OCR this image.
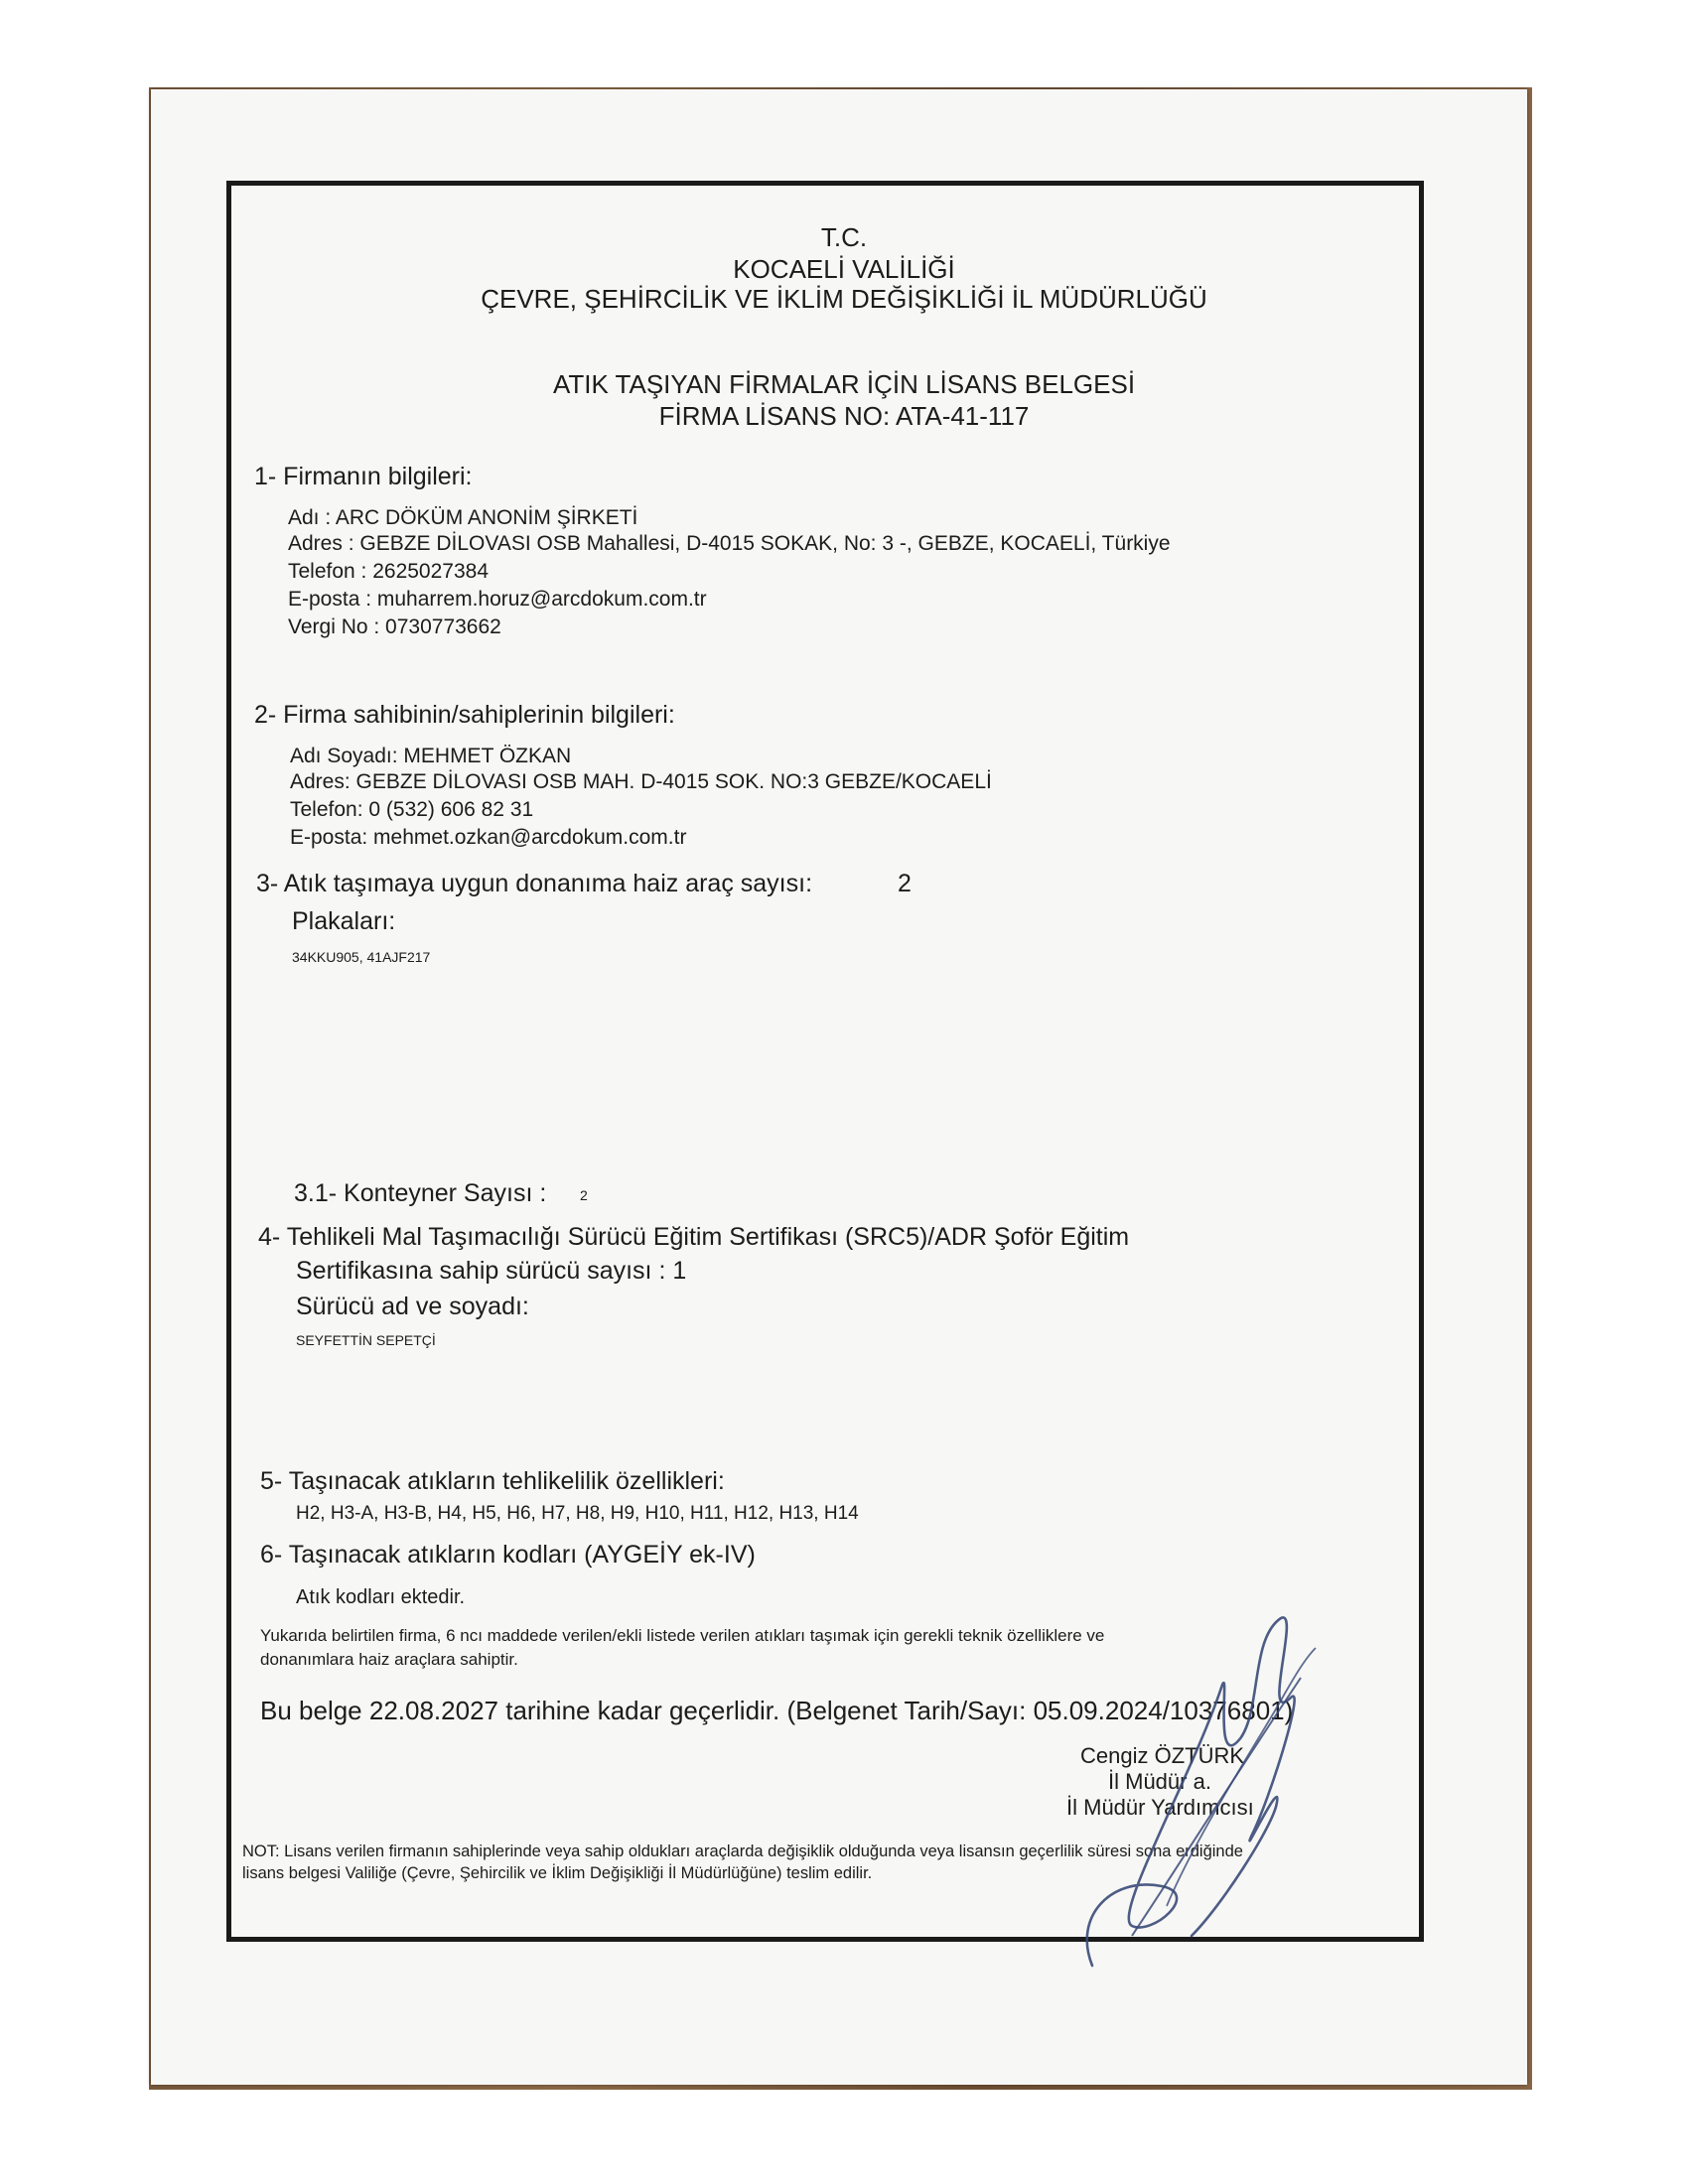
T.C.
KOCAELİ VALİLİĞİ
ÇEVRE, ŞEHİRCİLİK VE İKLİM DEĞİŞİKLİĞİ İL MÜDÜRLÜĞÜ
ATIK TAŞIYAN FİRMALAR İÇİN LİSANS BELGESİ
FİRMA LİSANS NO: ATA-41-117
1- Firmanın bilgileri:
Adı : ARC DÖKÜM ANONİM ŞİRKETİ
Adres : GEBZE DİLOVASI OSB Mahallesi, D-4015 SOKAK, No: 3 -, GEBZE, KOCAELİ, Türkiye
Telefon : 2625027384
E-posta : muharrem.horuz@arcdokum.com.tr
Vergi No : 0730773662
2- Firma sahibinin/sahiplerinin bilgileri:
Adı Soyadı: MEHMET ÖZKAN
Adres: GEBZE DİLOVASI OSB MAH. D-4015 SOK. NO:3 GEBZE/KOCAELİ
Telefon: 0 (532) 606 82 31
E-posta: mehmet.ozkan@arcdokum.com.tr
3- Atık taşımaya uygun donanıma haiz araç sayısı:	2
Plakaları:
34KKU905, 41AJF217
3.1- Konteyner Sayısı : 2
4- Tehlikeli Mal Taşımacılığı Sürücü Eğitim Sertifikası (SRC5)/ADR Şoför Eğitim
Sertifikasına sahip sürücü sayısı : 1
Sürücü ad ve soyadı:
SEYFETTİN SEPETÇİ
5- Taşınacak atıkların tehlikelilik özellikleri:
H2, H3-A, H3-B, H4, H5, H6, H7, H8, H9, H10, H11, H12, H13, H14
6- Taşınacak atıkların kodları (AYGEİY ek-IV)
Atık kodları ektedir.
Yukarıda belirtilen firma, 6 ncı maddede verilen/ekli listede verilen atıkları taşımak için gerekli teknik özelliklere ve
donanımlara haiz araçlara sahiptir.
Bu belge 22.08.2027 tarihine kadar geçerlidir. (Belgenet Tarih/Sayı: 05.09.2024/10376801)
Cengiz ÖZTÜRK
İl Müdür a.
İl Müdür Yardımcısı
NOT: Lisans verilen firmanın sahiplerinde veya sahip oldukları araçlarda değişiklik olduğunda veya lisansın geçerlilik süresi sona erdiğinde
lisans belgesi Valiliğe (Çevre, Şehircilik ve İklim Değişikliği İl Müdürlüğüne) teslim edilir.
